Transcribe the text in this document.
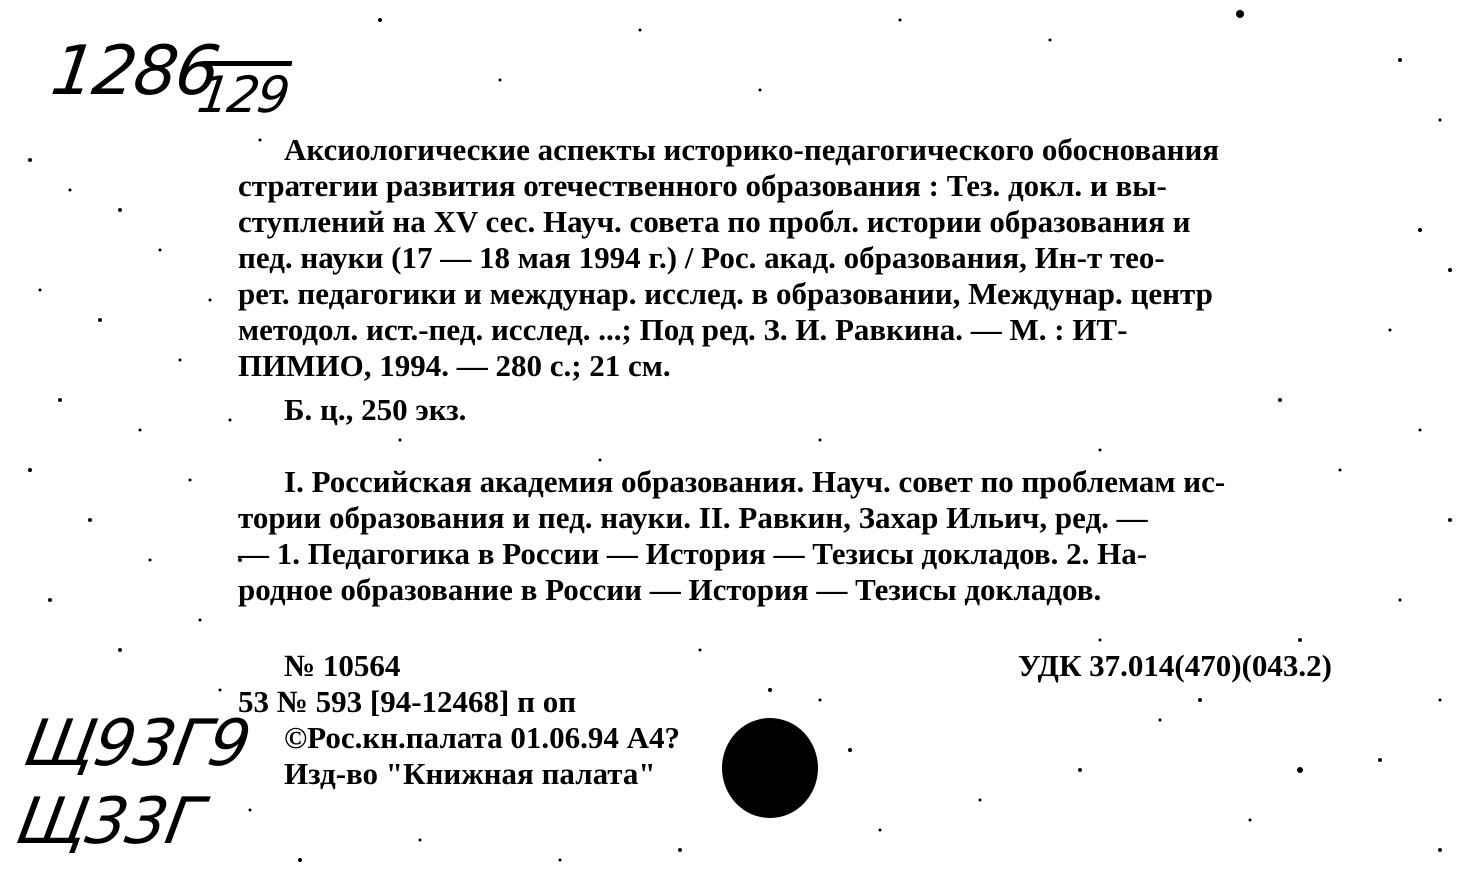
1286
129
Аксиологические аспекты историко-педагогического обоснования
стратегии развития отечественного образования : Тез. докл. и вы-
ступлений на XV сес. Науч. совета по пробл. истории образования и
пед. науки (17 — 18 мая 1994 г.) / Рос. акад. образования, Ин-т тео-
рет. педагогики и междунар. исслед. в образовании, Междунар. центр
методол. ист.-пед. исслед. ...; Под ред. З. И. Равкина. — М. : ИТ-
ПИМИО, 1994. — 280 с.; 21 см.
Б. ц., 250 экз.
I. Российская академия образования. Науч. совет по проблемам ис-
тории образования и пед. науки. II. Равкин, Захар Ильич, ред. —
— 1. Педагогика в России — История — Тезисы докладов. 2. На-
родное образование в России — История — Тезисы докладов.
№ 10564	УДК 37.014(470)(043.2)
53 № 593 [94-12468] п оп
©Рос.кн.палата 01.06.94 А4?
Изд-во "Книжная палата"
Щ93Г9
Щ33Г
